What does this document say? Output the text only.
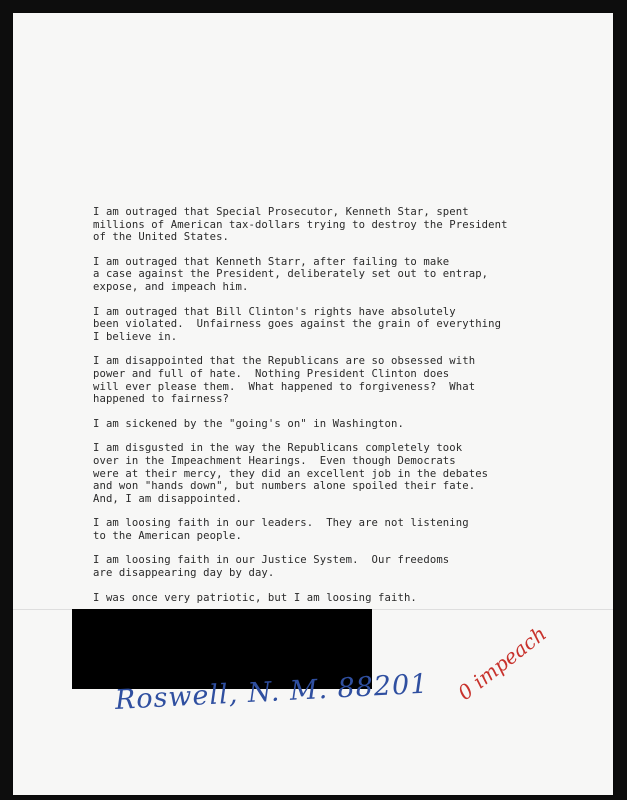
I am outraged that Special Prosecutor, Kenneth Star, spent
millions of American tax-dollars trying to destroy the President
of the United States.

I am outraged that Kenneth Starr, after failing to make
a case against the President, deliberately set out to entrap,
expose, and impeach him.

I am outraged that Bill Clinton's rights have absolutely
been violated.  Unfairness goes against the grain of everything
I believe in.

I am disappointed that the Republicans are so obsessed with
power and full of hate.  Nothing President Clinton does
will ever please them.  What happened to forgiveness?  What
happened to fairness?

I am sickened by the "going's on" in Washington.

I am disgusted in the way the Republicans completely took
over in the Impeachment Hearings.  Even though Democrats
were at their mercy, they did an excellent job in the debates
and won "hands down", but numbers alone spoiled their fate.
And, I am disappointed.

I am loosing faith in our leaders.  They are not listening
to the American people.

I am loosing faith in our Justice System.  Our freedoms
are disappearing day by day.

I was once very patriotic, but I am loosing faith.

Roswell, N. M. 88201 0 impeach
